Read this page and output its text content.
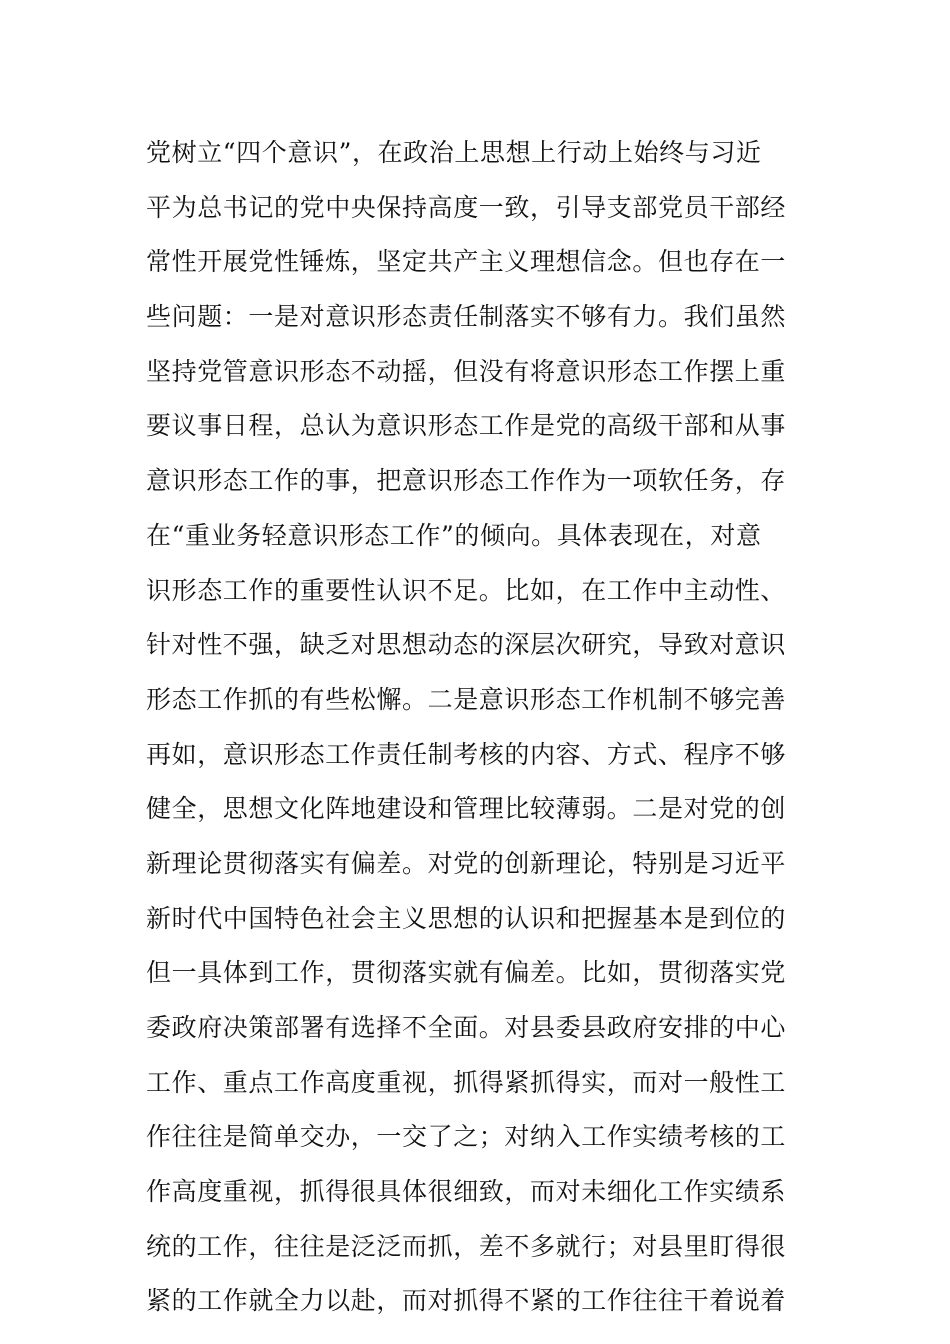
党树立“四个意识”，在政治上思想上行动上始终与习近
平为总书记的党中央保持高度一致，引导支部党员干部经
常性开展党性锤炼，坚定共产主义理想信念。但也存在一
些问题：一是对意识形态责任制落实不够有力。我们虽然
坚持党管意识形态不动摇，但没有将意识形态工作摆上重
要议事日程，总认为意识形态工作是党的高级干部和从事
意识形态工作的事，把意识形态工作作为一项软任务，存
在“重业务轻意识形态工作”的倾向。具体表现在，对意
识形态工作的重要性认识不足。比如，在工作中主动性、
针对性不强，缺乏对思想动态的深层次研究，导致对意识
形态工作抓的有些松懈。二是意识形态工作机制不够完善
再如，意识形态工作责任制考核的内容、方式、程序不够
健全，思想文化阵地建设和管理比较薄弱。二是对党的创
新理论贯彻落实有偏差。对党的创新理论，特别是习近平
新时代中国特色社会主义思想的认识和把握基本是到位的
但一具体到工作，贯彻落实就有偏差。比如，贯彻落实党
委政府决策部署有选择不全面。对县委县政府安排的中心
工作、重点工作高度重视，抓得紧抓得实，而对一般性工
作往往是简单交办，一交了之；对纳入工作实绩考核的工
作高度重视，抓得很具体很细致，而对未细化工作实绩系
统的工作，往往是泛泛而抓，差不多就行；对县里盯得很
紧的工作就全力以赴，而对抓得不紧的工作往往干着说着
